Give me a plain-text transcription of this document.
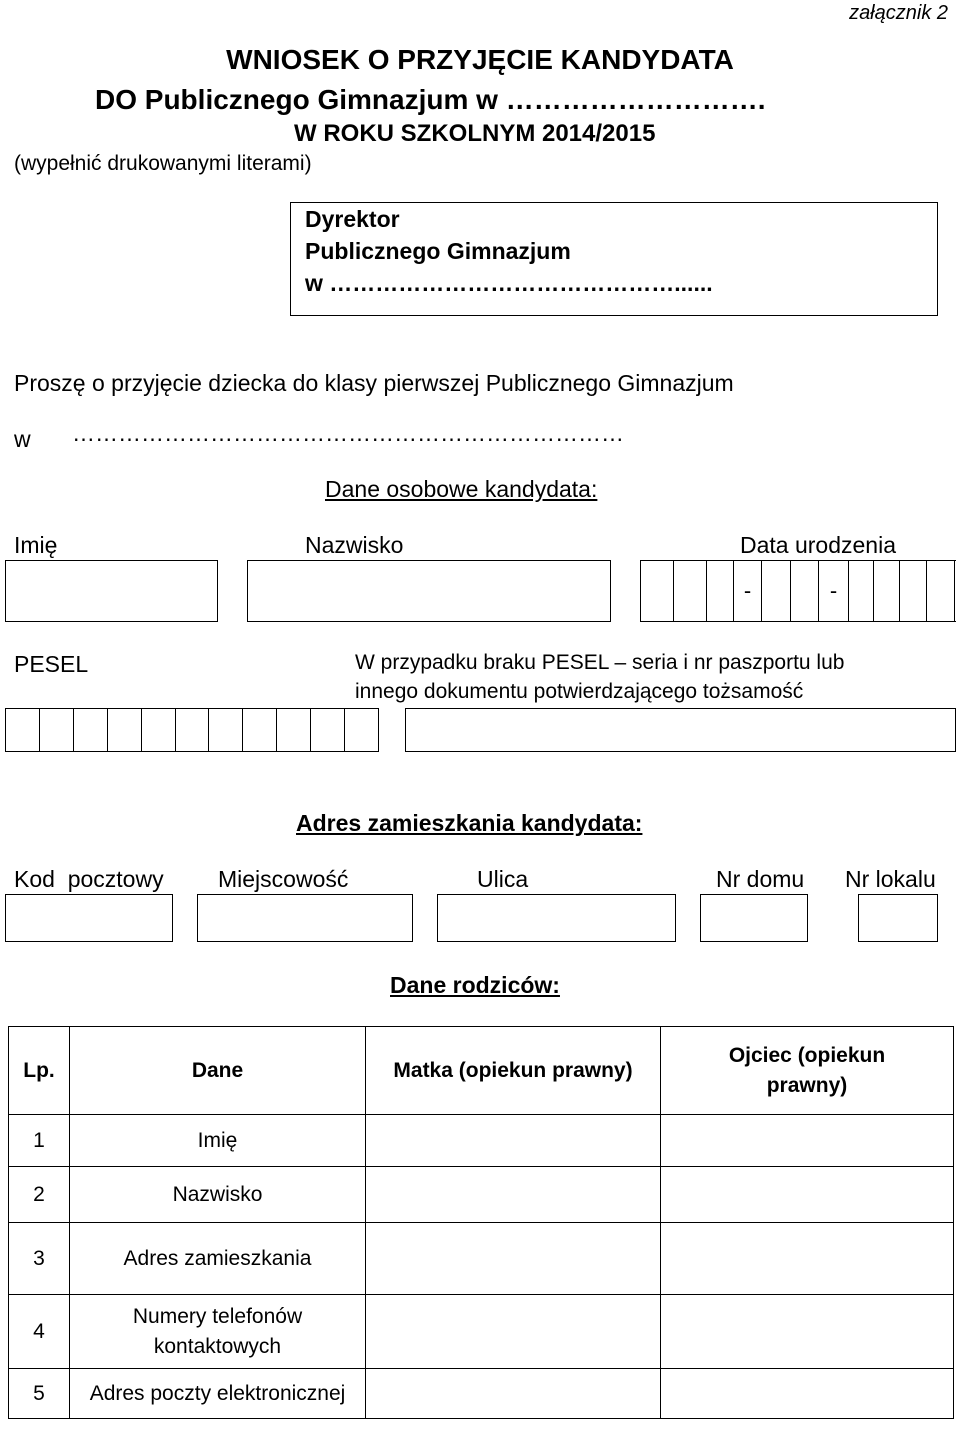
załącznik 2
WNIOSEK O PRZYJĘCIE KANDYDATA
DO Publicznego Gimnazjum w ……………………….
W ROKU SZKOLNYM 2014/2015
(wypełnić drukowanymi literami)
Dyrektor
Publicznego Gimnazjum
w ………………………………………......
Proszę o przyjęcie dziecka do klasy pierwszej Publicznego Gimnazjum
w ………………………………………………………………
Dane osobowe kandydata:
Imię	Nazwisko	Data urodzenia
-	-
PESEL	W przypadku braku PESEL – seria i nr paszportu lub
innego dokumentu potwierdzającego tożsamość
Adres zamieszkania kandydata:
Kod  pocztowy Miejscowość	Ulica	Nr domu Nr lokalu
Dane rodziców:
Lp.	Dane	Matka (opiekun prawny)	Ojciec (opiekun
prawny)

1	Imię		
2	Nazwisko		
3	Adres zamieszkania		
4	Numery telefonów
kontaktowych		

5	Adres poczty elektronicznej		
